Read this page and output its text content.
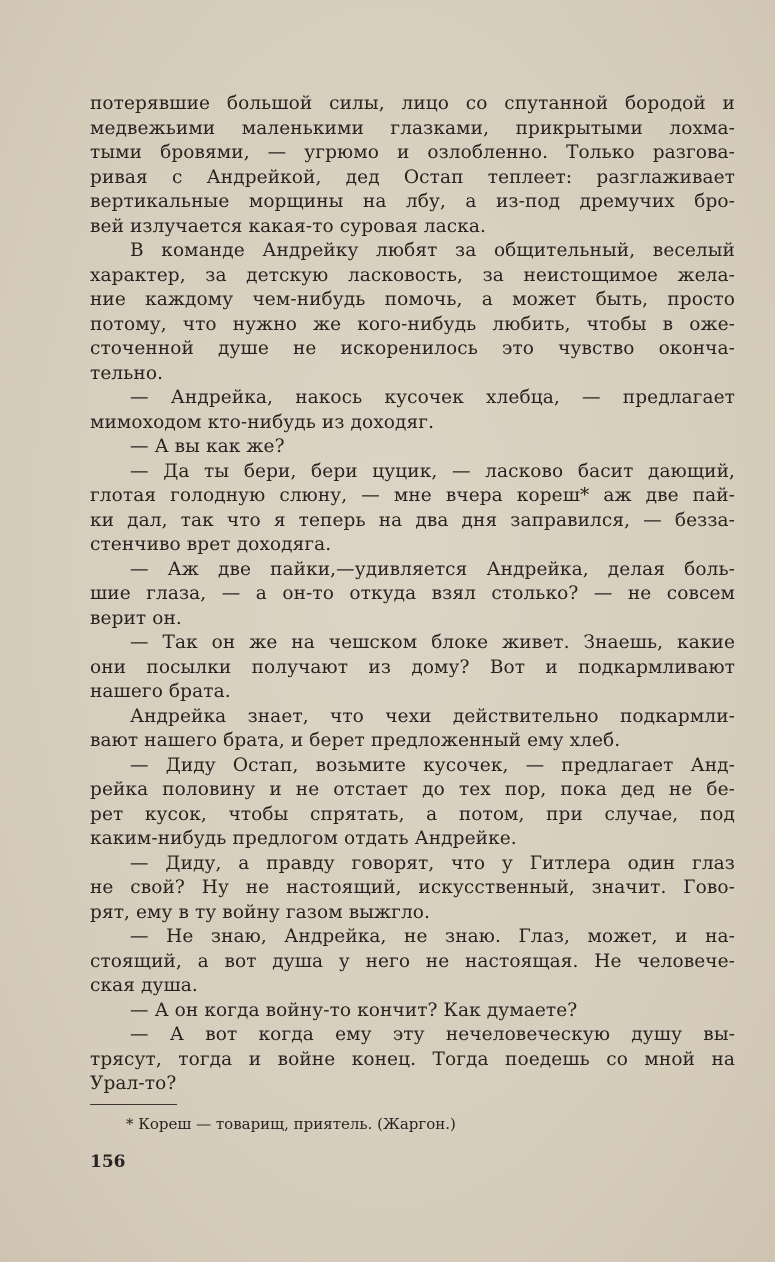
потерявшие большой силы, лицо со спутанной бородой и
медвежьими маленькими глазками, прикрытыми лохма-
тыми бровями, — угрюмо и озлобленно. Только разгова-
ривая с Андрейкой, дед Остап теплеет: разглаживает
вертикальные морщины на лбу, а из-под дремучих бро-
вей излучается какая-то суровая ласка.
В команде Андрейку любят за общительный, веселый
характер, за детскую ласковость, за неистощимое жела-
ние каждому чем-нибудь помочь, а может быть, просто
потому, что нужно же кого-нибудь любить, чтобы в ожe-
сточенной душе не искоренилось это чувство оконча-
тельно.
— Андрейка, накось кусочек хлебца, — предлагает
мимоходом кто-нибудь из доходяг.
— А вы как же?
— Да ты бери, бери цуцик, — ласково басит дающий,
глотая голодную слюну, — мне вчера кореш* аж две пай-
ки дал, так что я теперь на два дня заправился, — безза-
стенчиво врет доходяга.
— Аж две пайки,—удивляется Андрейка, делая боль-
шие глаза, — а он-то откуда взял столько? — не совсем
верит он.
— Так он же на чешском блоке живет. Знаешь, какие
они посылки получают из дому? Вот и подкармливают
нашего брата.
Андрейка знает, что чехи действительно подкармли-
вают нашего брата, и берет предложенный ему хлеб.
— Диду Остап, возьмите кусочек, — предлагает Анд-
рейка половину и не отстает до тех пор, пока дед не бе-
рет кусок, чтобы спрятать, а потом, при случае, под
каким-нибудь предлогом отдать Андрейке.
— Диду, а правду говорят, что у Гитлера один глаз
не свой? Ну не настоящий, искусственный, значит. Гово-
рят, ему в ту войну газом выжгло.
— Не знаю, Андрейка, не знаю. Глаз, может, и на-
стоящий, а вот душа у него не настоящая. Не человече-
ская душа.
— А он когда войну-то кончит? Как думаете?
— А вот когда ему эту нечеловеческую душу вы-
трясут, тогда и войне конец. Тогда поедешь со мной на
Урал-то?
* Кореш — товарищ, приятель. (Жаргон.)
156
